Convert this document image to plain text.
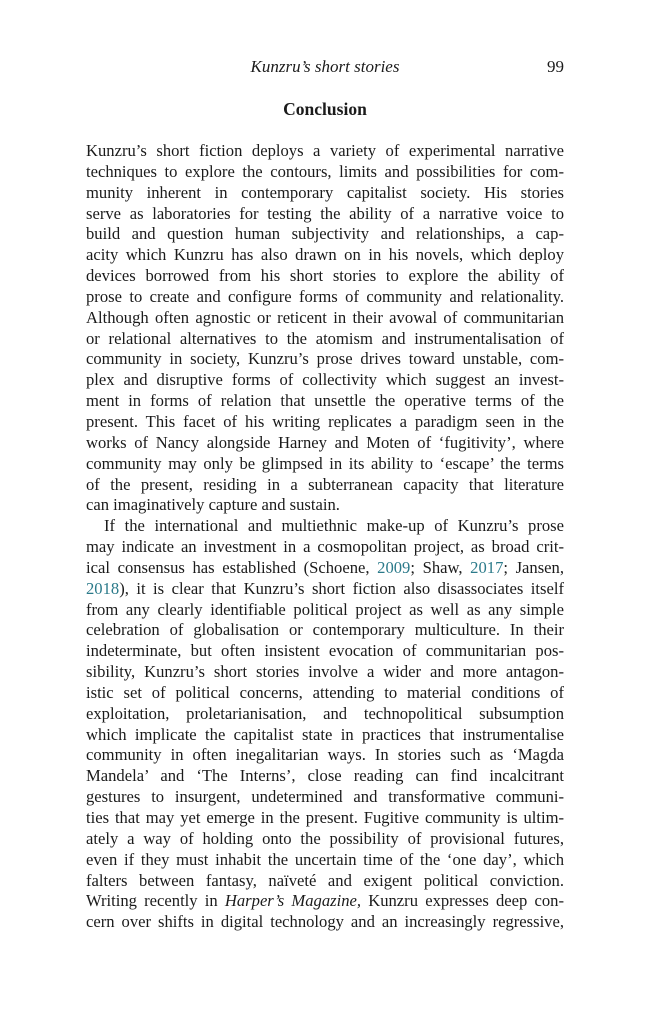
Kunzru’s short stories	99
Conclusion
Kunzru’s short fiction deploys a variety of experimental narrative
techniques to explore the contours, limits and possibilities for com-
munity inherent in contemporary capitalist society. His stories
serve as laboratories for testing the ability of a narrative voice to
build and question human subjectivity and relationships, a cap-
acity which Kunzru has also drawn on in his novels, which deploy
devices borrowed from his short stories to explore the ability of
prose to create and configure forms of community and relationality.
Although often agnostic or reticent in their avowal of communitarian
or relational alternatives to the atomism and instrumentalisation of
community in society, Kunzru’s prose drives toward unstable, com-
plex and disruptive forms of collectivity which suggest an invest-
ment in forms of relation that unsettle the operative terms of the
present. This facet of his writing replicates a paradigm seen in the
works of Nancy alongside Harney and Moten of ‘fugitivity’, where
community may only be glimpsed in its ability to ‘escape’ the terms
of the present, residing in a subterranean capacity that literature
can imaginatively capture and sustain.
If the international and multiethnic make-up of Kunzru’s prose
may indicate an investment in a cosmopolitan project, as broad crit-
ical consensus has established (Schoene, 2009; Shaw, 2017; Jansen,
2018), it is clear that Kunzru’s short fiction also disassociates itself
from any clearly identifiable political project as well as any simple
celebration of globalisation or contemporary multiculture. In their
indeterminate, but often insistent evocation of communitarian pos-
sibility, Kunzru’s short stories involve a wider and more antagon-
istic set of political concerns, attending to material conditions of
exploitation, proletarianisation, and technopolitical subsumption
which implicate the capitalist state in practices that instrumentalise
community in often inegalitarian ways. In stories such as ‘Magda
Mandela’ and ‘The Interns’, close reading can find incalcitrant
gestures to insurgent, undetermined and transformative communi-
ties that may yet emerge in the present. Fugitive community is ultim-
ately a way of holding onto the possibility of provisional futures,
even if they must inhabit the uncertain time of the ‘one day’, which
falters between fantasy, naïveté and exigent political conviction.
Writing recently in Harper’s Magazine, Kunzru expresses deep con-
cern over shifts in digital technology and an increasingly regressive,
